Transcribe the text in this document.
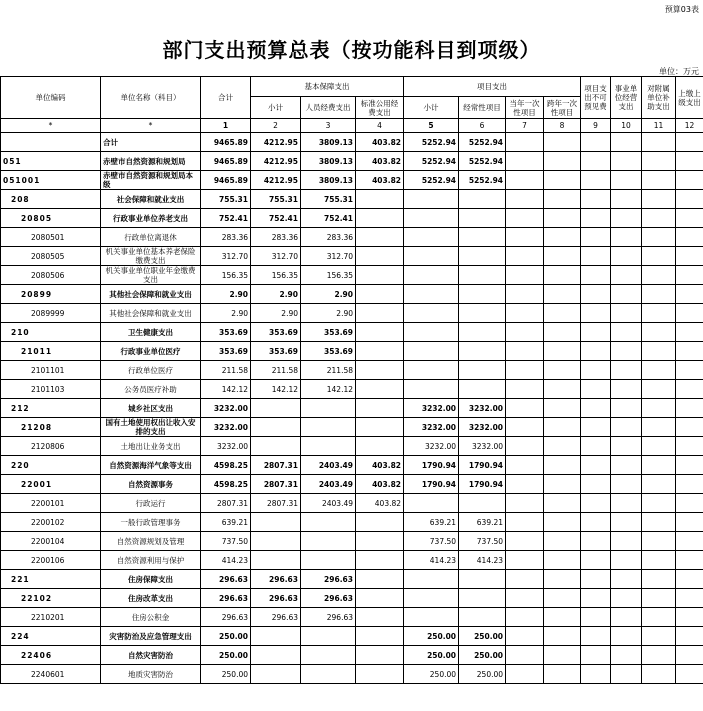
预算03表
部门支出预算总表（按功能科目到项级）
单位：万元
单位编码	单位名称（科目）	合计	基本保障支出			项目支出				项目支出不可预见费	事业单位经营支出	对附属单位补助支出	上缴上级支出
			小计	人员经费支出	标准公用经费支出	小计	经常性项目	当年一次性项目	跨年一次性项目				
*	*	1	2	3	4	5	6	7	8	9	10	11	12
	合计	9465.89	4212.95	3809.13	403.82	5252.94	5252.94						
051	赤壁市自然资源和规划局	9465.89	4212.95	3809.13	403.82	5252.94	5252.94						
051001	赤壁市自然资源和规划局本级	9465.89	4212.95	3809.13	403.82	5252.94	5252.94						
208	社会保障和就业支出	755.31	755.31	755.31									
20805	行政事业单位养老支出	752.41	752.41	752.41									
2080501	行政单位离退休	283.36	283.36	283.36									
2080505	机关事业单位基本养老保险缴费支出	312.70	312.70	312.70									
2080506	机关事业单位职业年金缴费支出	156.35	156.35	156.35									
20899	其他社会保障和就业支出	2.90	2.90	2.90									
2089999	其他社会保障和就业支出	2.90	2.90	2.90									
210	卫生健康支出	353.69	353.69	353.69									
21011	行政事业单位医疗	353.69	353.69	353.69									
2101101	行政单位医疗	211.58	211.58	211.58									
2101103	公务员医疗补助	142.12	142.12	142.12									
212	城乡社区支出	3232.00				3232.00	3232.00						
21208	国有土地使用权出让收入安排的支出	3232.00				3232.00	3232.00						
2120806	土地出让业务支出	3232.00				3232.00	3232.00						
220	自然资源海洋气象等支出	4598.25	2807.31	2403.49	403.82	1790.94	1790.94						
22001	自然资源事务	4598.25	2807.31	2403.49	403.82	1790.94	1790.94						
2200101	行政运行	2807.31	2807.31	2403.49	403.82								
2200102	一般行政管理事务	639.21				639.21	639.21						
2200104	自然资源规划及管理	737.50				737.50	737.50						
2200106	自然资源利用与保护	414.23				414.23	414.23						
221	住房保障支出	296.63	296.63	296.63									
22102	住房改革支出	296.63	296.63	296.63									
2210201	住房公积金	296.63	296.63	296.63									
224	灾害防治及应急管理支出	250.00				250.00	250.00						
22406	自然灾害防治	250.00				250.00	250.00						
2240601	地质灾害防治	250.00				250.00	250.00						
